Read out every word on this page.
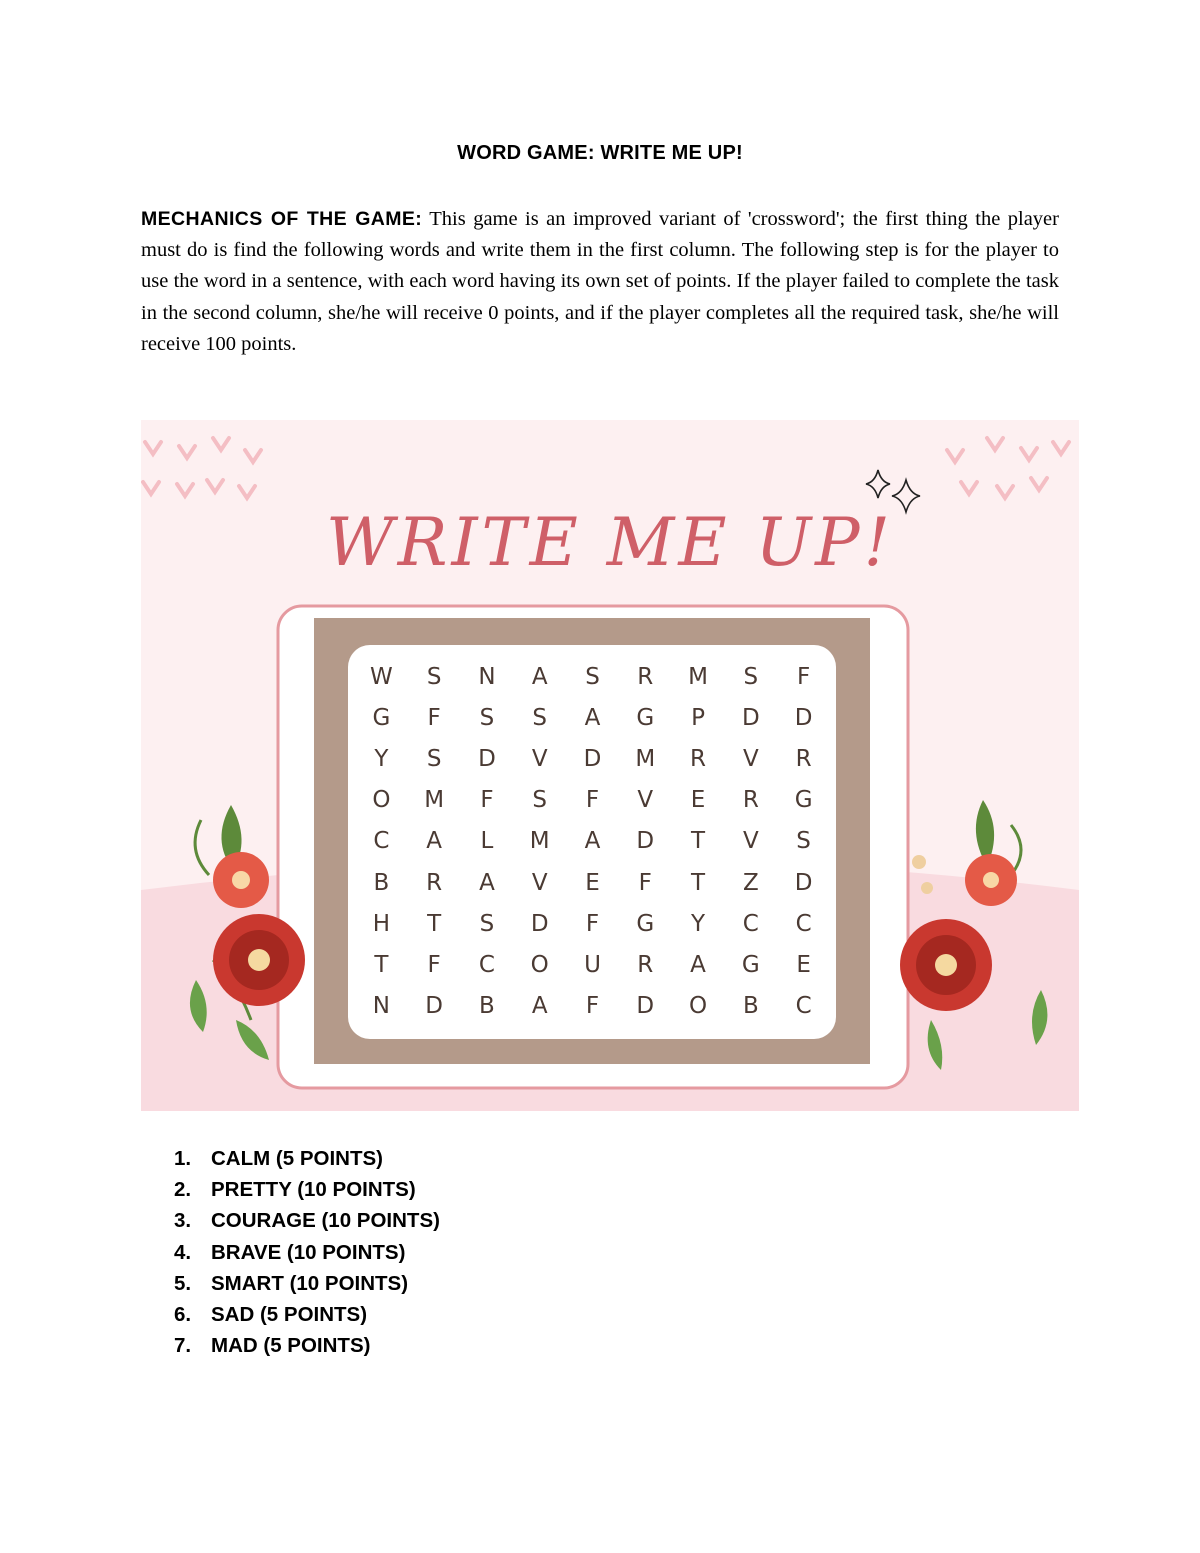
WORD GAME: WRITE ME UP!
MECHANICS OF THE GAME: This game is an improved variant of 'crossword'; the first thing the player must do is find the following words and write them in the first column. The following step is for the player to use the word in a sentence, with each word having its own set of points. If the player failed to complete the task in the second column, she/he will receive 0 points, and if the player completes all the required task, she/he will receive 100 points.
WRITE ME UP!
W	S	N	A	S	R	M	S	F
G	F	S	S	A	G	P	D	D
Y	S	D	V	D	M	R	V	R
O	M	F	S	F	V	E	R	G
C	A	L	M	A	D	T	V	S
B	R	A	V	E	F	T	Z	D
H	T	S	D	F	G	Y	C	C
T	F	C	O	U	R	A	G	E
N	D	B	A	F	D	O	B	C
1. CALM (5 POINTS)
2. PRETTY (10 POINTS)
3. COURAGE (10 POINTS)
4. BRAVE (10 POINTS)
5. SMART (10 POINTS)
6. SAD (5 POINTS)
7. MAD (5 POINTS)
